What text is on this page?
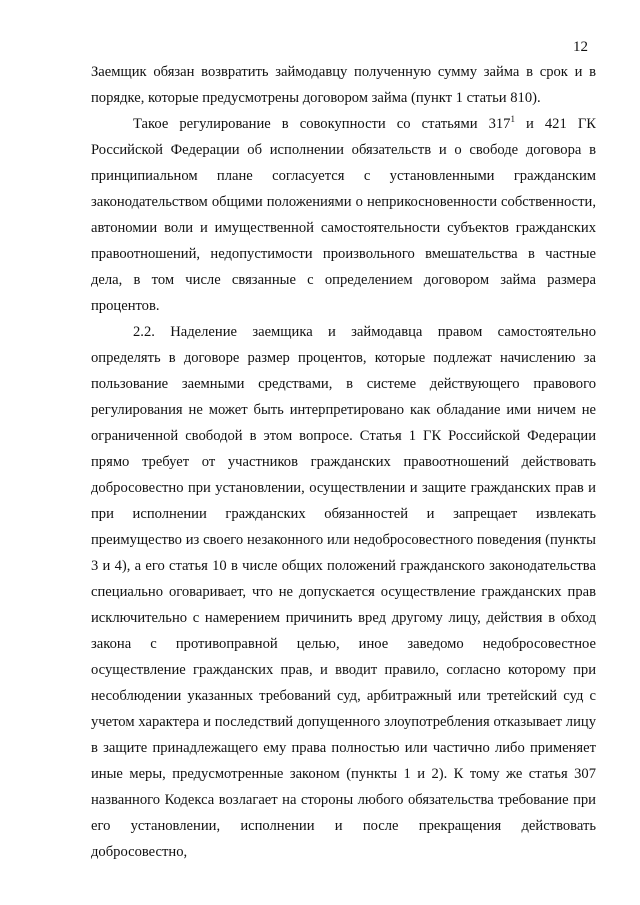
12

Заемщик обязан возвратить займодавцу полученную сумму займа в срок и в порядке, которые предусмотрены договором займа (пункт 1 статьи 810).

Такое регулирование в совокупности со статьями $317^1$ и 421 ГК Российской Федерации об исполнении обязательств и о свободе договора в принципиальном плане согласуется с установленными гражданским законодательством общими положениями о неприкосновенности собственности, автономии воли и имущественной самостоятельности субъектов гражданских правоотношений, недопустимости произвольного вмешательства в частные дела, в том числе связанные с определением договором займа размера процентов.

2.2. Наделение заемщика и займодавца правом самостоятельно определять в договоре размер процентов, которые подлежат начислению за пользование заемными средствами, в системе действующего правового регулирования не может быть интерпретировано как обладание ими ничем не ограниченной свободой в этом вопросе. Статья 1 ГК Российской Федерации прямо требует от участников гражданских правоотношений действовать добросовестно при установлении, осуществлении и защите гражданских прав и при исполнении гражданских обязанностей и запрещает извлекать преимущество из своего незаконного или недобросовестного поведения (пункты 3 и 4), а его статья 10 в числе общих положений гражданского законодательства специально оговаривает, что не допускается осуществление гражданских прав исключительно с намерением причинить вред другому лицу, действия в обход закона с противоправной целью, иное заведомо недобросовестное осуществление гражданских прав, и вводит правило, согласно которому при несоблюдении указанных требований суд, арбитражный или третейский суд с учетом характера и последствий допущенного злоупотребления отказывает лицу в защите принадлежащего ему права полностью или частично либо применяет иные меры, предусмотренные законом (пункты 1 и 2). К тому же статья 307 названного Кодекса возлагает на стороны любого обязательства требование при его установлении, исполнении и после прекращения действовать добросовестно,
